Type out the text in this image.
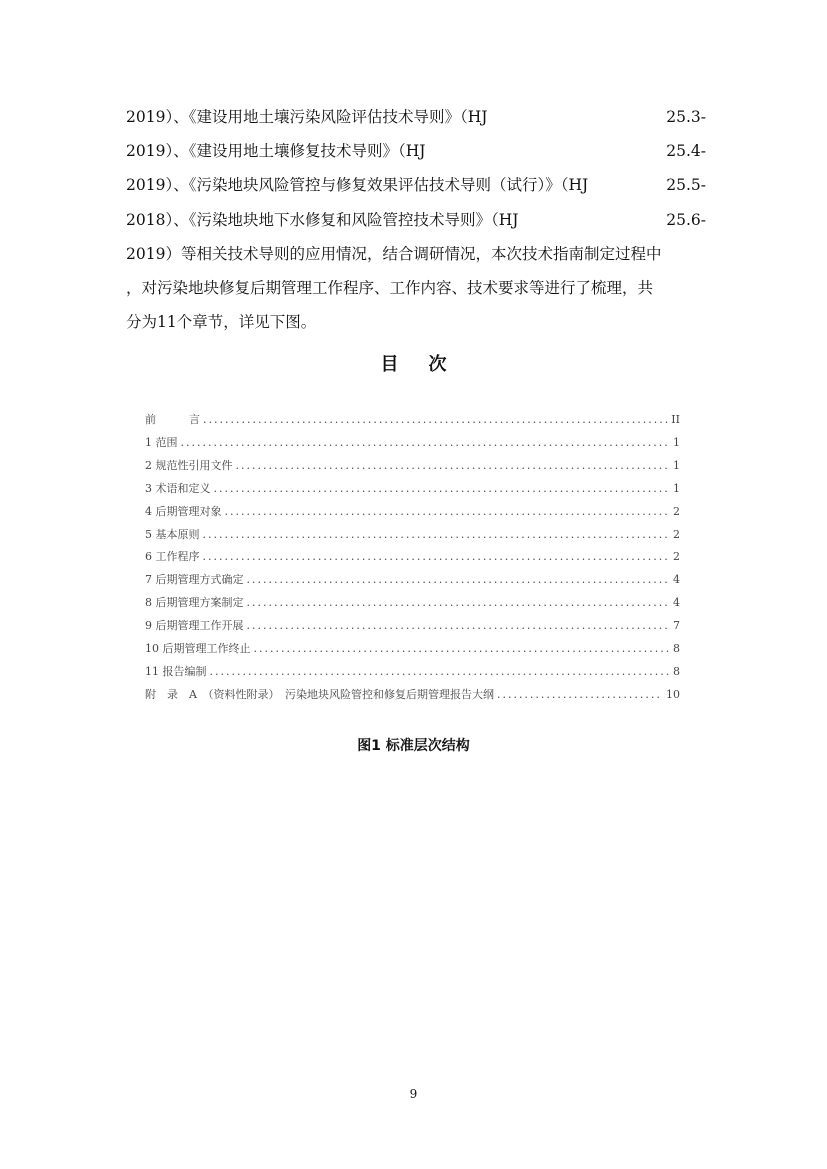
2019）、《建设用地土壤污染风险评估技术导则》（HJ	25.3-
2019）、《建设用地土壤修复技术导则》（HJ	25.4-
2019）、《污染地块风险管控与修复效果评估技术导则（试行）》（HJ	25.5-
2018）、《污染地块地下水修复和风险管控技术导则》（HJ	25.6-
2019）等相关技术导则的应用情况，结合调研情况，本次技术指南制定过程中
，对污染地块修复后期管理工作程序、工作内容、技术要求等进行了梳理，共
分为11个章节，详见下图。
目次
前　　　言 .....	II
1 范围 .....	1
2 规范性引用文件 .....	1
3 术语和定义 .....	1
4 后期管理对象 .....	2
5 基本原则 .....	2
6 工作程序 .....	2
7 后期管理方式确定 .....	4
8 后期管理方案制定 .....	4
9 后期管理工作开展 .....	7
10 后期管理工作终止 .....	8
11 报告编制 .....	8
附　录　A　（资料性附录）　污染地块风险管控和修复后期管理报告大纲 .....	10
图1 标准层次结构
9
